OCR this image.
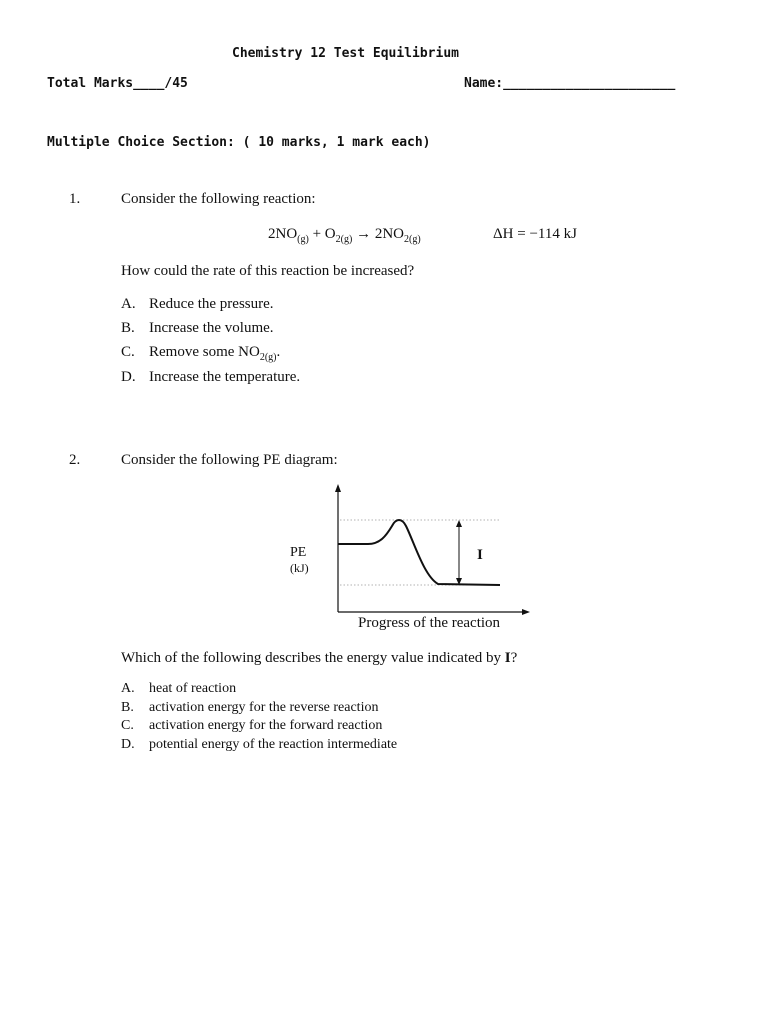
Chemistry 12 Test Equilibrium
Total Marks____/45	Name:______________________
Multiple Choice Section: ( 10 marks, 1 mark each)
1.	Consider the following reaction:
$2NO_{(g)} + O_{2(g)} \to 2NO_{2(g)}$	ΔH = −114 kJ
How could the rate of this reaction be increased?
A. Reduce the pressure.
B. Increase the volume.
C. Remove some $NO_{2(g)}$.
D. Increase the temperature.
2.	Consider the following PE diagram:
PE
(kJ)
I
Progress of the reaction
Which of the following describes the energy value indicated by I?
A. heat of reaction
B. activation energy for the reverse reaction
C. activation energy for the forward reaction
D. potential energy of the reaction intermediate
